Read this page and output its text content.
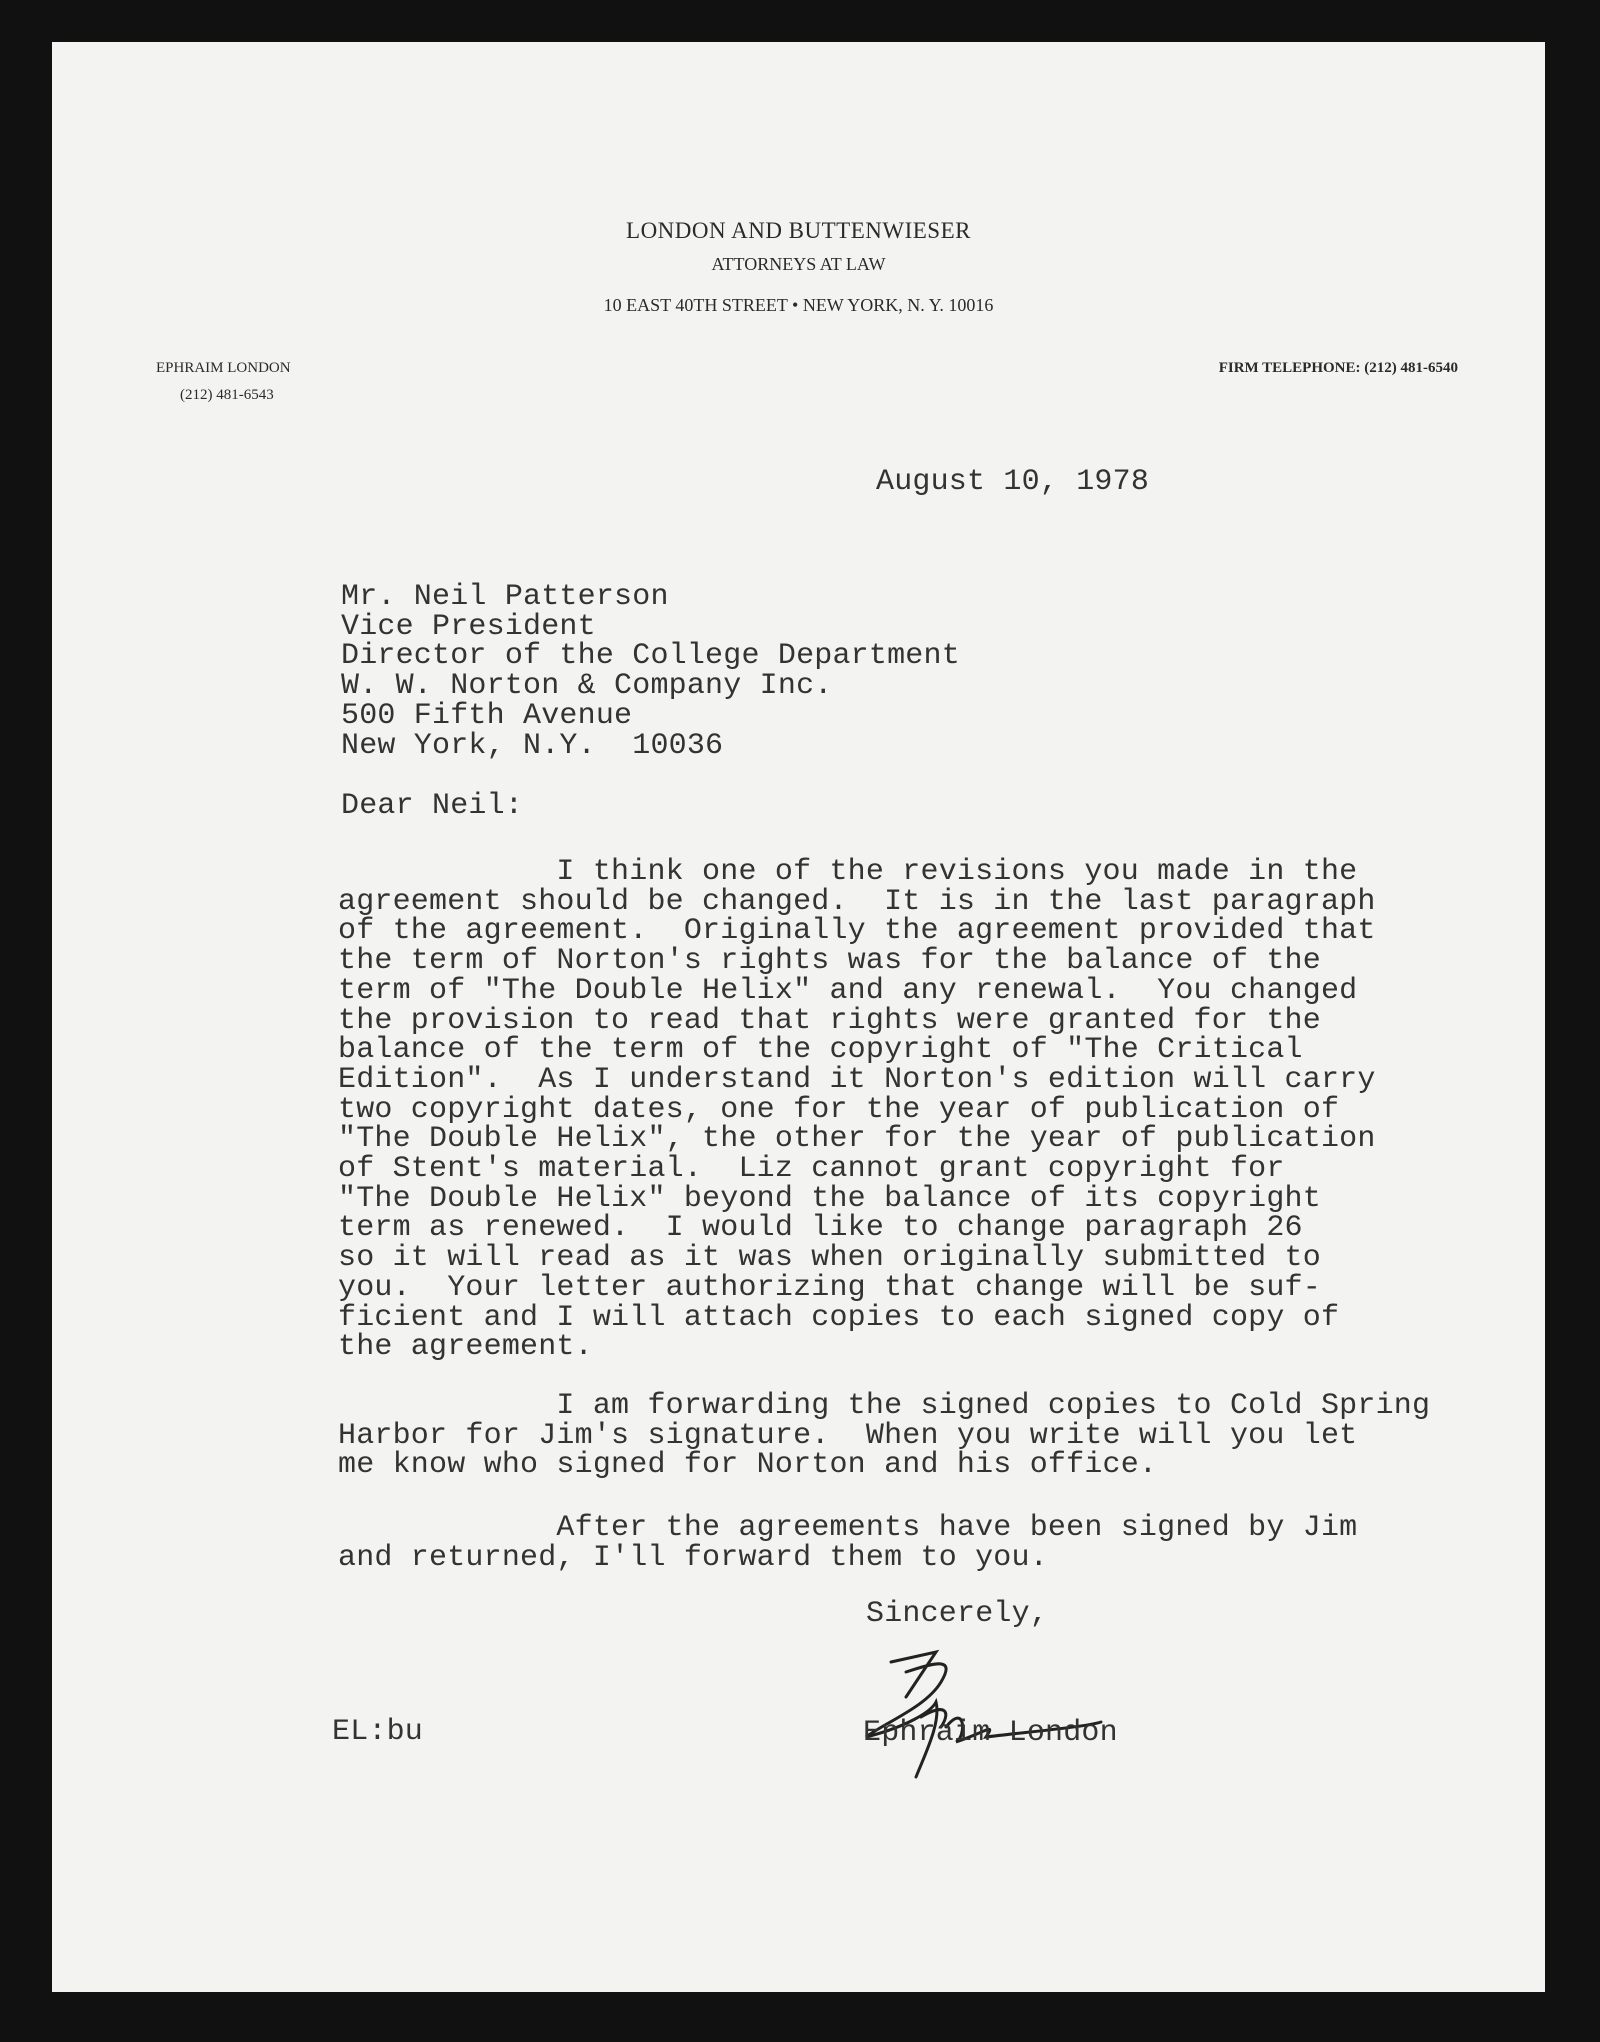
LONDON AND BUTTENWIESER
ATTORNEYS AT LAW
10 EAST 40TH STREET • NEW YORK, N. Y. 10016
EPHRAIM LONDON
(212) 481-6543
FIRM TELEPHONE: (212) 481-6540
August 10, 1978
Mr. Neil Patterson
Vice President
Director of the College Department
W. W. Norton & Company Inc.
500 Fifth Avenue
New York, N.Y.  10036
Dear Neil:
I think one of the revisions you made in the
agreement should be changed.  It is in the last paragraph
of the agreement.  Originally the agreement provided that
the term of Norton's rights was for the balance of the
term of "The Double Helix" and any renewal.  You changed
the provision to read that rights were granted for the
balance of the term of the copyright of "The Critical
Edition".  As I understand it Norton's edition will carry
two copyright dates, one for the year of publication of
"The Double Helix", the other for the year of publication
of Stent's material.  Liz cannot grant copyright for
"The Double Helix" beyond the balance of its copyright
term as renewed.  I would like to change paragraph 26
so it will read as it was when originally submitted to
you.  Your letter authorizing that change will be suf-
ficient and I will attach copies to each signed copy of
the agreement.
I am forwarding the signed copies to Cold Spring
Harbor for Jim's signature.  When you write will you let
me know who signed for Norton and his office.
After the agreements have been signed by Jim
and returned, I'll forward them to you.
Sincerely,
EL:bu	Ephraim London
